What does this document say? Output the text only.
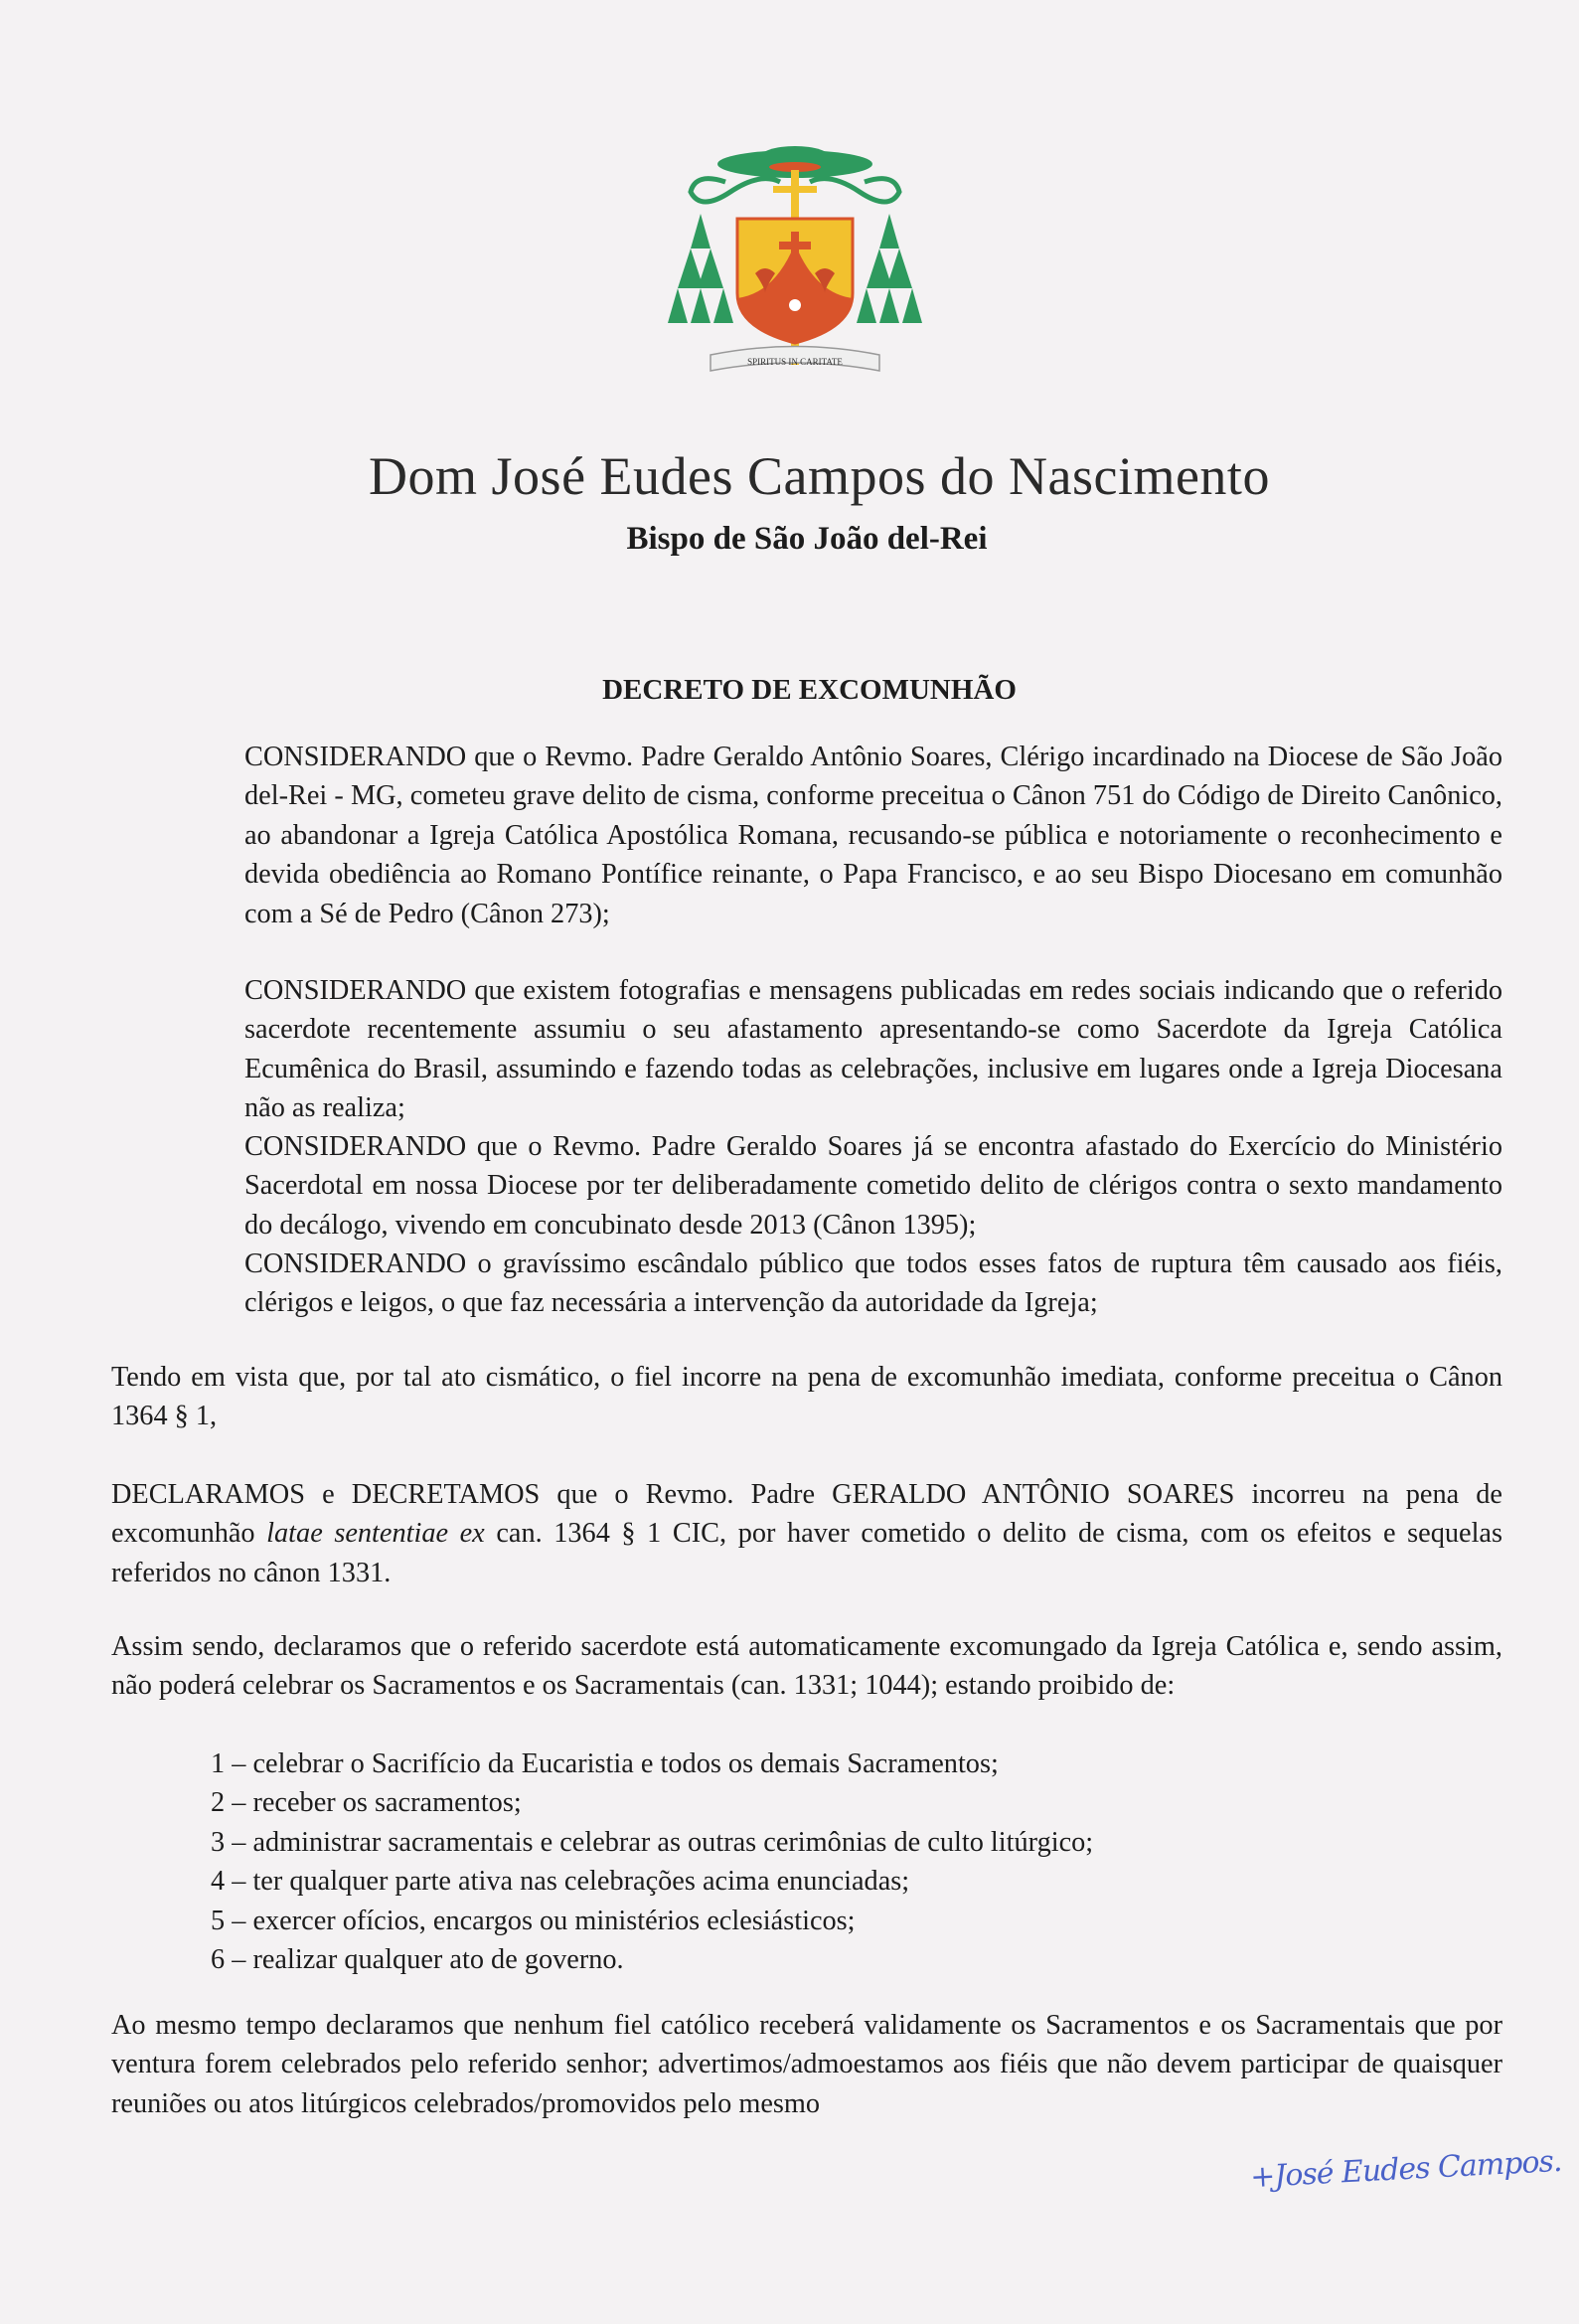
SPIRITUS IN CARITATE
Dom José Eudes Campos do Nascimento
Bispo de São João del-Rei
DECRETO DE EXCOMUNHÃO
CONSIDERANDO que o Revmo. Padre Geraldo Antônio Soares, Clérigo incardinado na Diocese de São João del-Rei - MG, cometeu grave delito de cisma, conforme preceitua o Cânon 751 do Código de Direito Canônico, ao abandonar a Igreja Católica Apostólica Romana, recusando-se pública e notoriamente o reconhecimento e devida obediência ao Romano Pontífice reinante, o Papa Francisco, e ao seu Bispo Diocesano em comunhão com a Sé de Pedro (Cânon 273);
CONSIDERANDO que existem fotografias e mensagens publicadas em redes sociais indicando que o referido sacerdote recentemente assumiu o seu afastamento apresentando-se como Sacerdote da Igreja Católica Ecumênica do Brasil, assumindo e fazendo todas as celebrações, inclusive em lugares onde a Igreja Diocesana não as realiza;
CONSIDERANDO que o Revmo. Padre Geraldo Soares já se encontra afastado do Exercício do Ministério Sacerdotal em nossa Diocese por ter deliberadamente cometido delito de clérigos contra o sexto mandamento do decálogo, vivendo em concubinato desde 2013 (Cânon 1395);
CONSIDERANDO o gravíssimo escândalo público que todos esses fatos de ruptura têm causado aos fiéis, clérigos e leigos, o que faz necessária a intervenção da autoridade da Igreja;
Tendo em vista que, por tal ato cismático, o fiel incorre na pena de excomunhão imediata, conforme preceitua o Cânon 1364 § 1,
DECLARAMOS e DECRETAMOS que o Revmo. Padre GERALDO ANTÔNIO SOARES incorreu na pena de excomunhão latae sententiae ex can. 1364 § 1 CIC, por haver cometido o delito de cisma, com os efeitos e sequelas referidos no cânon 1331.
Assim sendo, declaramos que o referido sacerdote está automaticamente excomungado da Igreja Católica e, sendo assim, não poderá celebrar os Sacramentos e os Sacramentais (can. 1331; 1044); estando proibido de:
1 – celebrar o Sacrifício da Eucaristia e todos os demais Sacramentos;
2 – receber os sacramentos;
3 – administrar sacramentais e celebrar as outras cerimônias de culto litúrgico;
4 – ter qualquer parte ativa nas celebrações acima enunciadas;
5 – exercer ofícios, encargos ou ministérios eclesiásticos;
6 – realizar qualquer ato de governo.
Ao mesmo tempo declaramos que nenhum fiel católico receberá validamente os Sacramentos e os Sacramentais que por ventura forem celebrados pelo referido senhor; advertimos/admoestamos aos fiéis que não devem participar de quaisquer reuniões ou atos litúrgicos celebrados/promovidos pelo mesmo
+José Eudes Campos.
